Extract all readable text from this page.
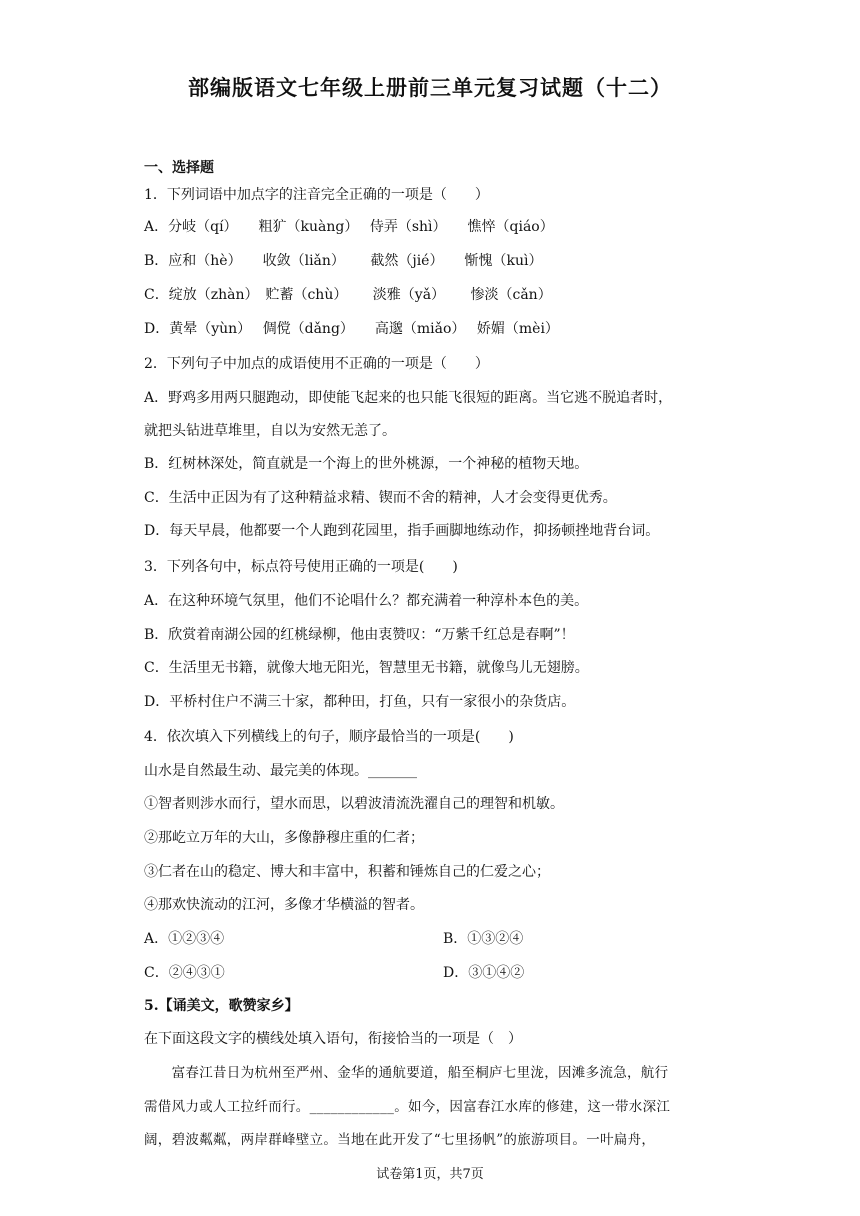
部编版语文七年级上册前三单元复习试题（十二）
一、选择题
1．下列词语中加点字的注音完全正确的一项是（　　）
A．分岐（qí）　　粗犷（kuàng）　 侍弄（shì）　　憔悴（qiáo）
B．应和（hè）　　收敛（liǎn）　　 截然（jié）　　惭愧（kuì）
C．绽放（zhàn）　贮蓄（chù）　　 淡雅（yǎ）　　 惨淡（cǎn）
D．黄晕（yùn）　 倜傥（dǎng）　　高邈（miǎo）　 娇媚（mèi）
2．下列句子中加点的成语使用不正确的一项是（　　）
A．野鸡多用两只腿跑动，即使能飞起来的也只能飞很短的距离。当它逃不脱追者时，
就把头钻进草堆里，自以为安然无恙了。
B．红树林深处，简直就是一个海上的世外桃源，一个神秘的植物天地。
C．生活中正因为有了这种精益求精、锲而不舍的精神，人才会变得更优秀。
D．每天早晨，他都要一个人跑到花园里，指手画脚地练动作，抑扬顿挫地背台词。
3．下列各句中，标点符号使用正确的一项是(　　)
A．在这种环境气氛里，他们不论唱什么？都充满着一种淳朴本色的美。
B．欣赏着南湖公园的红桃绿柳，他由衷赞叹：“万紫千红总是春啊”！
C．生活里无书籍，就像大地无阳光，智慧里无书籍，就像鸟儿无翅膀。
D．平桥村住户不满三十家，都种田，打鱼，只有一家很小的杂货店。
4．依次填入下列横线上的句子，顺序最恰当的一项是(　　)
山水是自然最生动、最完美的体现。_______
①智者则涉水而行，望水而思，以碧波清流洗濯自己的理智和机敏。
②那屹立万年的大山，多像静穆庄重的仁者；
③仁者在山的稳定、博大和丰富中，积蓄和锤炼自己的仁爱之心；
④那欢快流动的江河，多像才华横溢的智者。
A．①②③④	B．①③②④
C．②④③①	D．③①④②
5.【诵美文，歌赞家乡】
在下面这段文字的横线处填入语句，衔接恰当的一项是（　）
　　富春江昔日为杭州至严州、金华的通航要道，船至桐庐七里泷，因滩多流急，航行
需借风力或人工拉纤而行。____________。如今，因富春江水库的修建，这一带水深江
阔，碧波粼粼，两岸群峰壁立。当地在此开发了“七里扬帆”的旅游项目。一叶扁舟，
试卷第1页，共7页
